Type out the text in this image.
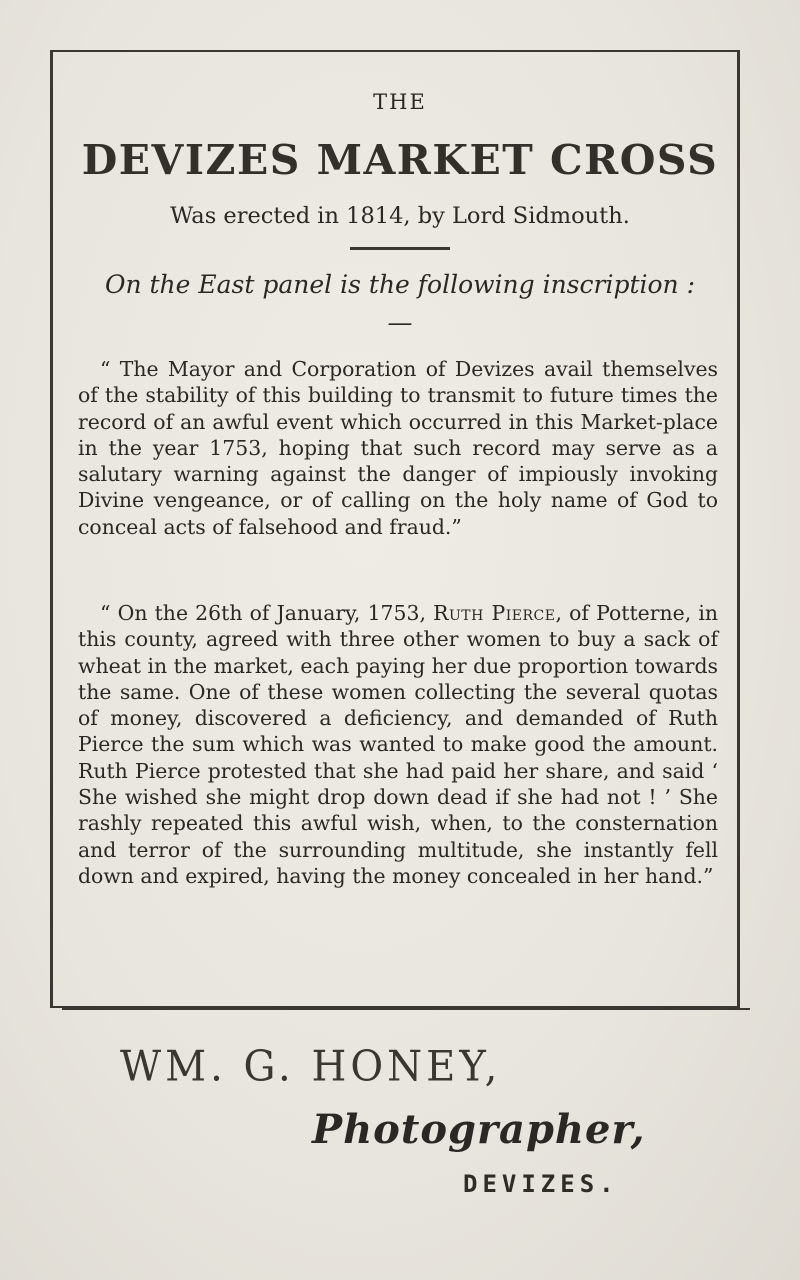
THE
DEVIZES MARKET CROSS
Was erected in 1814, by Lord Sidmouth.
On the East panel is the following inscription :—
“ The Mayor and Corporation of Devizes avail themselves of the stability of this building to transmit to future times the record of an awful event which occurred in this Market-place in the year 1753, hoping that such record may serve as a salutary warning against the danger of impiously invoking Divine vengeance, or of calling on the holy name of God to conceal acts of falsehood and fraud.”
“ On the 26th of January, 1753, Ruth Pierce, of Potterne, in this county, agreed with three other women to buy a sack of wheat in the market, each paying her due proportion towards the same. One of these women collecting the several quotas of money, discovered a deficiency, and demanded of Ruth Pierce the sum which was wanted to make good the amount. Ruth Pierce protested that she had paid her share, and said ‘ She wished she might drop down dead if she had not ! ’ She rashly repeated this awful wish, when, to the consternation and terror of the surrounding multitude, she instantly fell down and expired, having the money concealed in her hand.”
WM. G. HONEY,
Photographer,
DEVIZES.
